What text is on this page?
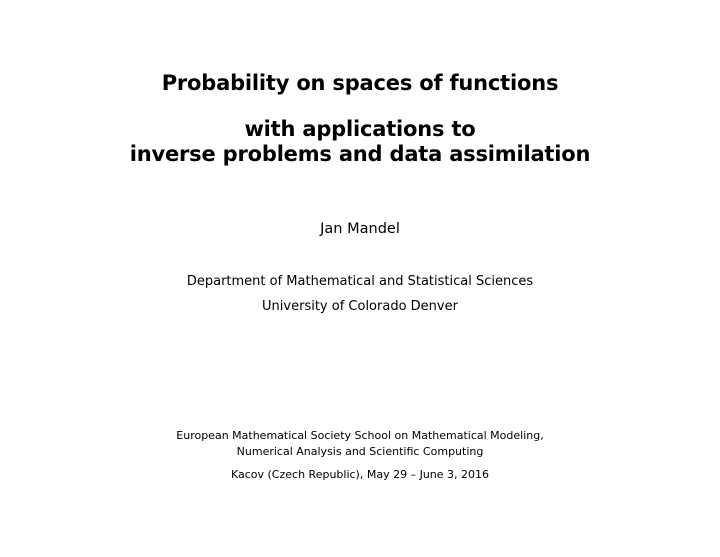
Probability on spaces of functions
with applications to
inverse problems and data assimilation
Jan Mandel
Department of Mathematical and Statistical Sciences
University of Colorado Denver
European Mathematical Society School on Mathematical Modeling,
Numerical Analysis and Scientific Computing
Kacov (Czech Republic), May 29 – June 3, 2016
